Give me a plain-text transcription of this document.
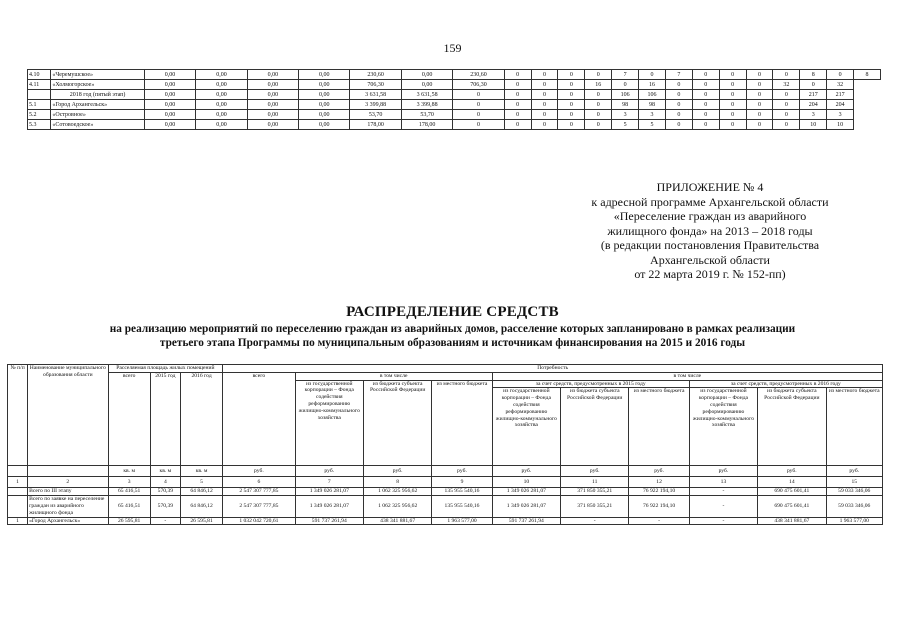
159
4.10	«Черемушское»	0,00	0,00	0,00	0,00	230,60	0,00	230,60	0	0	0	0	7	0	7	0	0	0	0	8	0	8
4.11	«Холмогорское»	0,00	0,00	0,00	0,00	706,30	0,00	706,30	0	0	0	16	0	16	0	0	0	0	32	0	32	
	2018 год (пятый этап)	0,00	0,00	0,00	0,00	3 631,58	3 631,58	0	0	0	0	0	106	106	0	0	0	0	0	217	217	
5.1	«Город Архангельск»	0,00	0,00	0,00	0,00	3 399,88	3 399,88	0	0	0	0	0	98	98	0	0	0	0	0	204	204	
5.2	«Островное»	0,00	0,00	0,00	0,00	53,70	53,70	0	0	0	0	0	3	3	0	0	0	0	0	3	3	
5.3	«Сотовоедское»	0,00	0,00	0,00	0,00	178,00	178,00	0	0	0	0	0	5	5	0	0	0	0	0	10	10	
ПРИЛОЖЕНИЕ № 4
к адресной программе Архангельской области
«Переселение граждан из аварийного
жилищного фонда» на 2013 – 2018 годы
(в редакции постановления Правительства
Архангельской области
от 22 марта 2019 г. № 152-пп)
РАСПРЕДЕЛЕНИЕ СРЕДСТВ
на реализацию мероприятий по переселению граждан из аварийных домов, расселение которых запланировано в рамках реализации
третьего этапа Программы по муниципальным образованиям и источникам финансирования на 2015 и 2016 годы
№ п/п	Наименование муниципального образования области	Расселяемая площадь жилых помещений			Потребность									
		всего	2015 год	2016 год	всего	в том числе			в том числе					
						из государственной корпорации – Фонда содействия реформированию жилищно-коммунального хозяйства	из бюджета субъекта Российской Федерации	из местного бюджета	за счет средств, предусмотренных в 2015 году			за счет средств, предусмотренных в 2016 году		
									из государственной корпорации – Фонда содействия реформированию жилищно-коммунального хозяйства	из бюджета субъекта Российской Федерации	из местного бюджета	из государственной корпорации – Фонда содействия реформированию жилищно-коммунального хозяйства	из бюджета субъекта Российской Федерации	из местного бюджета
		кв. м	кв. м	кв. м	руб.	руб.	руб.	руб.	руб.	руб.	руб.	руб.	руб.	руб.
1	2	3	4	5	6	7	8	9	10	11	12	13	14	15
	Всего по III этапу	65 416,51	570,39	64 846,12	2 547 307 777,85	1 349 026 281,07	1 062 325 956,62	135 955 540,16	1 349 026 281,07	371 850 355,21	76 922 194,10	-	690 475 601,41	59 033 346,06
	Всего по заявке на переселение граждан из аварийного жилищного фонда	65 416,51	570,39	64 846,12	2 547 307 777,85	1 349 026 281,07	1 062 325 956,62	135 955 540,16	1 349 026 281,07	371 850 355,21	76 922 194,10	-	690 475 601,41	59 033 346,06
1	«Город Архангельск»	26 595,81	-	26 595,81	1 032 042 720,61	591 737 261,94	438 341 881,67	1 963 577,00	591 737 261,94	-	-	-	438 341 881,67	1 963 577,00
